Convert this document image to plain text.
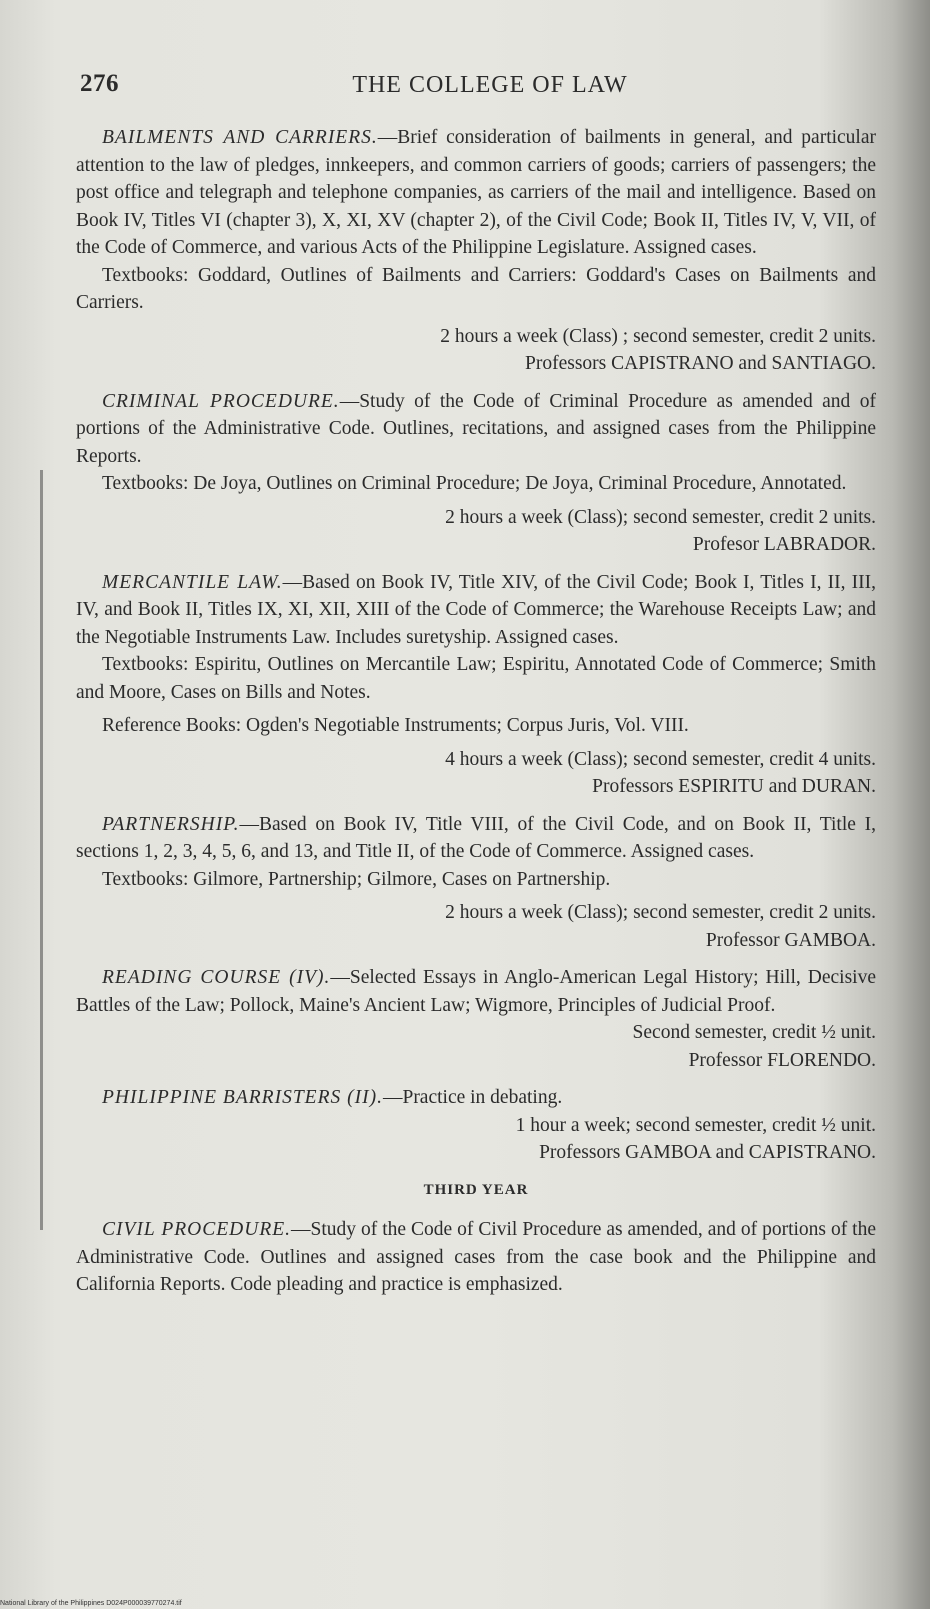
276	THE COLLEGE OF LAW

BAILMENTS AND CARRIERS.—Brief consideration of bailments in general, and particular attention to the law of pledges, innkeepers, and common carriers of goods; carriers of passengers; the post office and telegraph and telephone companies, as carriers of the mail and intelligence. Based on Book IV, Titles VI (chapter 3), X, XI, XV (chapter 2), of the Civil Code; Book II, Titles IV, V, VII, of the Code of Commerce, and various Acts of the Philippine Legislature. Assigned cases.

Textbooks: Goddard, Outlines of Bailments and Carriers: Goddard's Cases on Bailments and Carriers.

2 hours a week (Class) ; second semester, credit 2 units.
Professors CAPISTRANO and SANTIAGO.

CRIMINAL PROCEDURE.—Study of the Code of Criminal Procedure as amended and of portions of the Administrative Code. Outlines, recitations, and assigned cases from the Philippine Reports.

Textbooks: De Joya, Outlines on Criminal Procedure; De Joya, Criminal Procedure, Annotated.

2 hours a week (Class); second semester, credit 2 units.
Profesor LABRADOR.

MERCANTILE LAW.—Based on Book IV, Title XIV, of the Civil Code; Book I, Titles I, II, III, IV, and Book II, Titles IX, XI, XII, XIII of the Code of Commerce; the Warehouse Receipts Law; and the Negotiable Instruments Law. Includes suretyship. Assigned cases.

Textbooks: Espiritu, Outlines on Mercantile Law; Espiritu, Annotated Code of Commerce; Smith and Moore, Cases on Bills and Notes.

Reference Books: Ogden's Negotiable Instruments; Corpus Juris, Vol. VIII.

4 hours a week (Class); second semester, credit 4 units.
Professors ESPIRITU and DURAN.

PARTNERSHIP.—Based on Book IV, Title VIII, of the Civil Code, and on Book II, Title I, sections 1, 2, 3, 4, 5, 6, and 13, and Title II, of the Code of Commerce. Assigned cases.

Textbooks: Gilmore, Partnership; Gilmore, Cases on Partnership.

2 hours a week (Class); second semester, credit 2 units.
Professor GAMBOA.

READING COURSE (IV).—Selected Essays in Anglo-American Legal History; Hill, Decisive Battles of the Law; Pollock, Maine's Ancient Law; Wigmore, Principles of Judicial Proof.

Second semester, credit ½ unit.
Professor FLORENDO.

PHILIPPINE BARRISTERS (II).—Practice in debating.

1 hour a week; second semester, credit ½ unit.
Professors GAMBOA and CAPISTRANO.
THIRD YEAR

CIVIL PROCEDURE.—Study of the Code of Civil Procedure as amended, and of portions of the Administrative Code. Outlines and assigned cases from the case book and the Philippine and California Reports. Code pleading and practice is emphasized.

National Library of the Philippines D024P000039770274.tif
